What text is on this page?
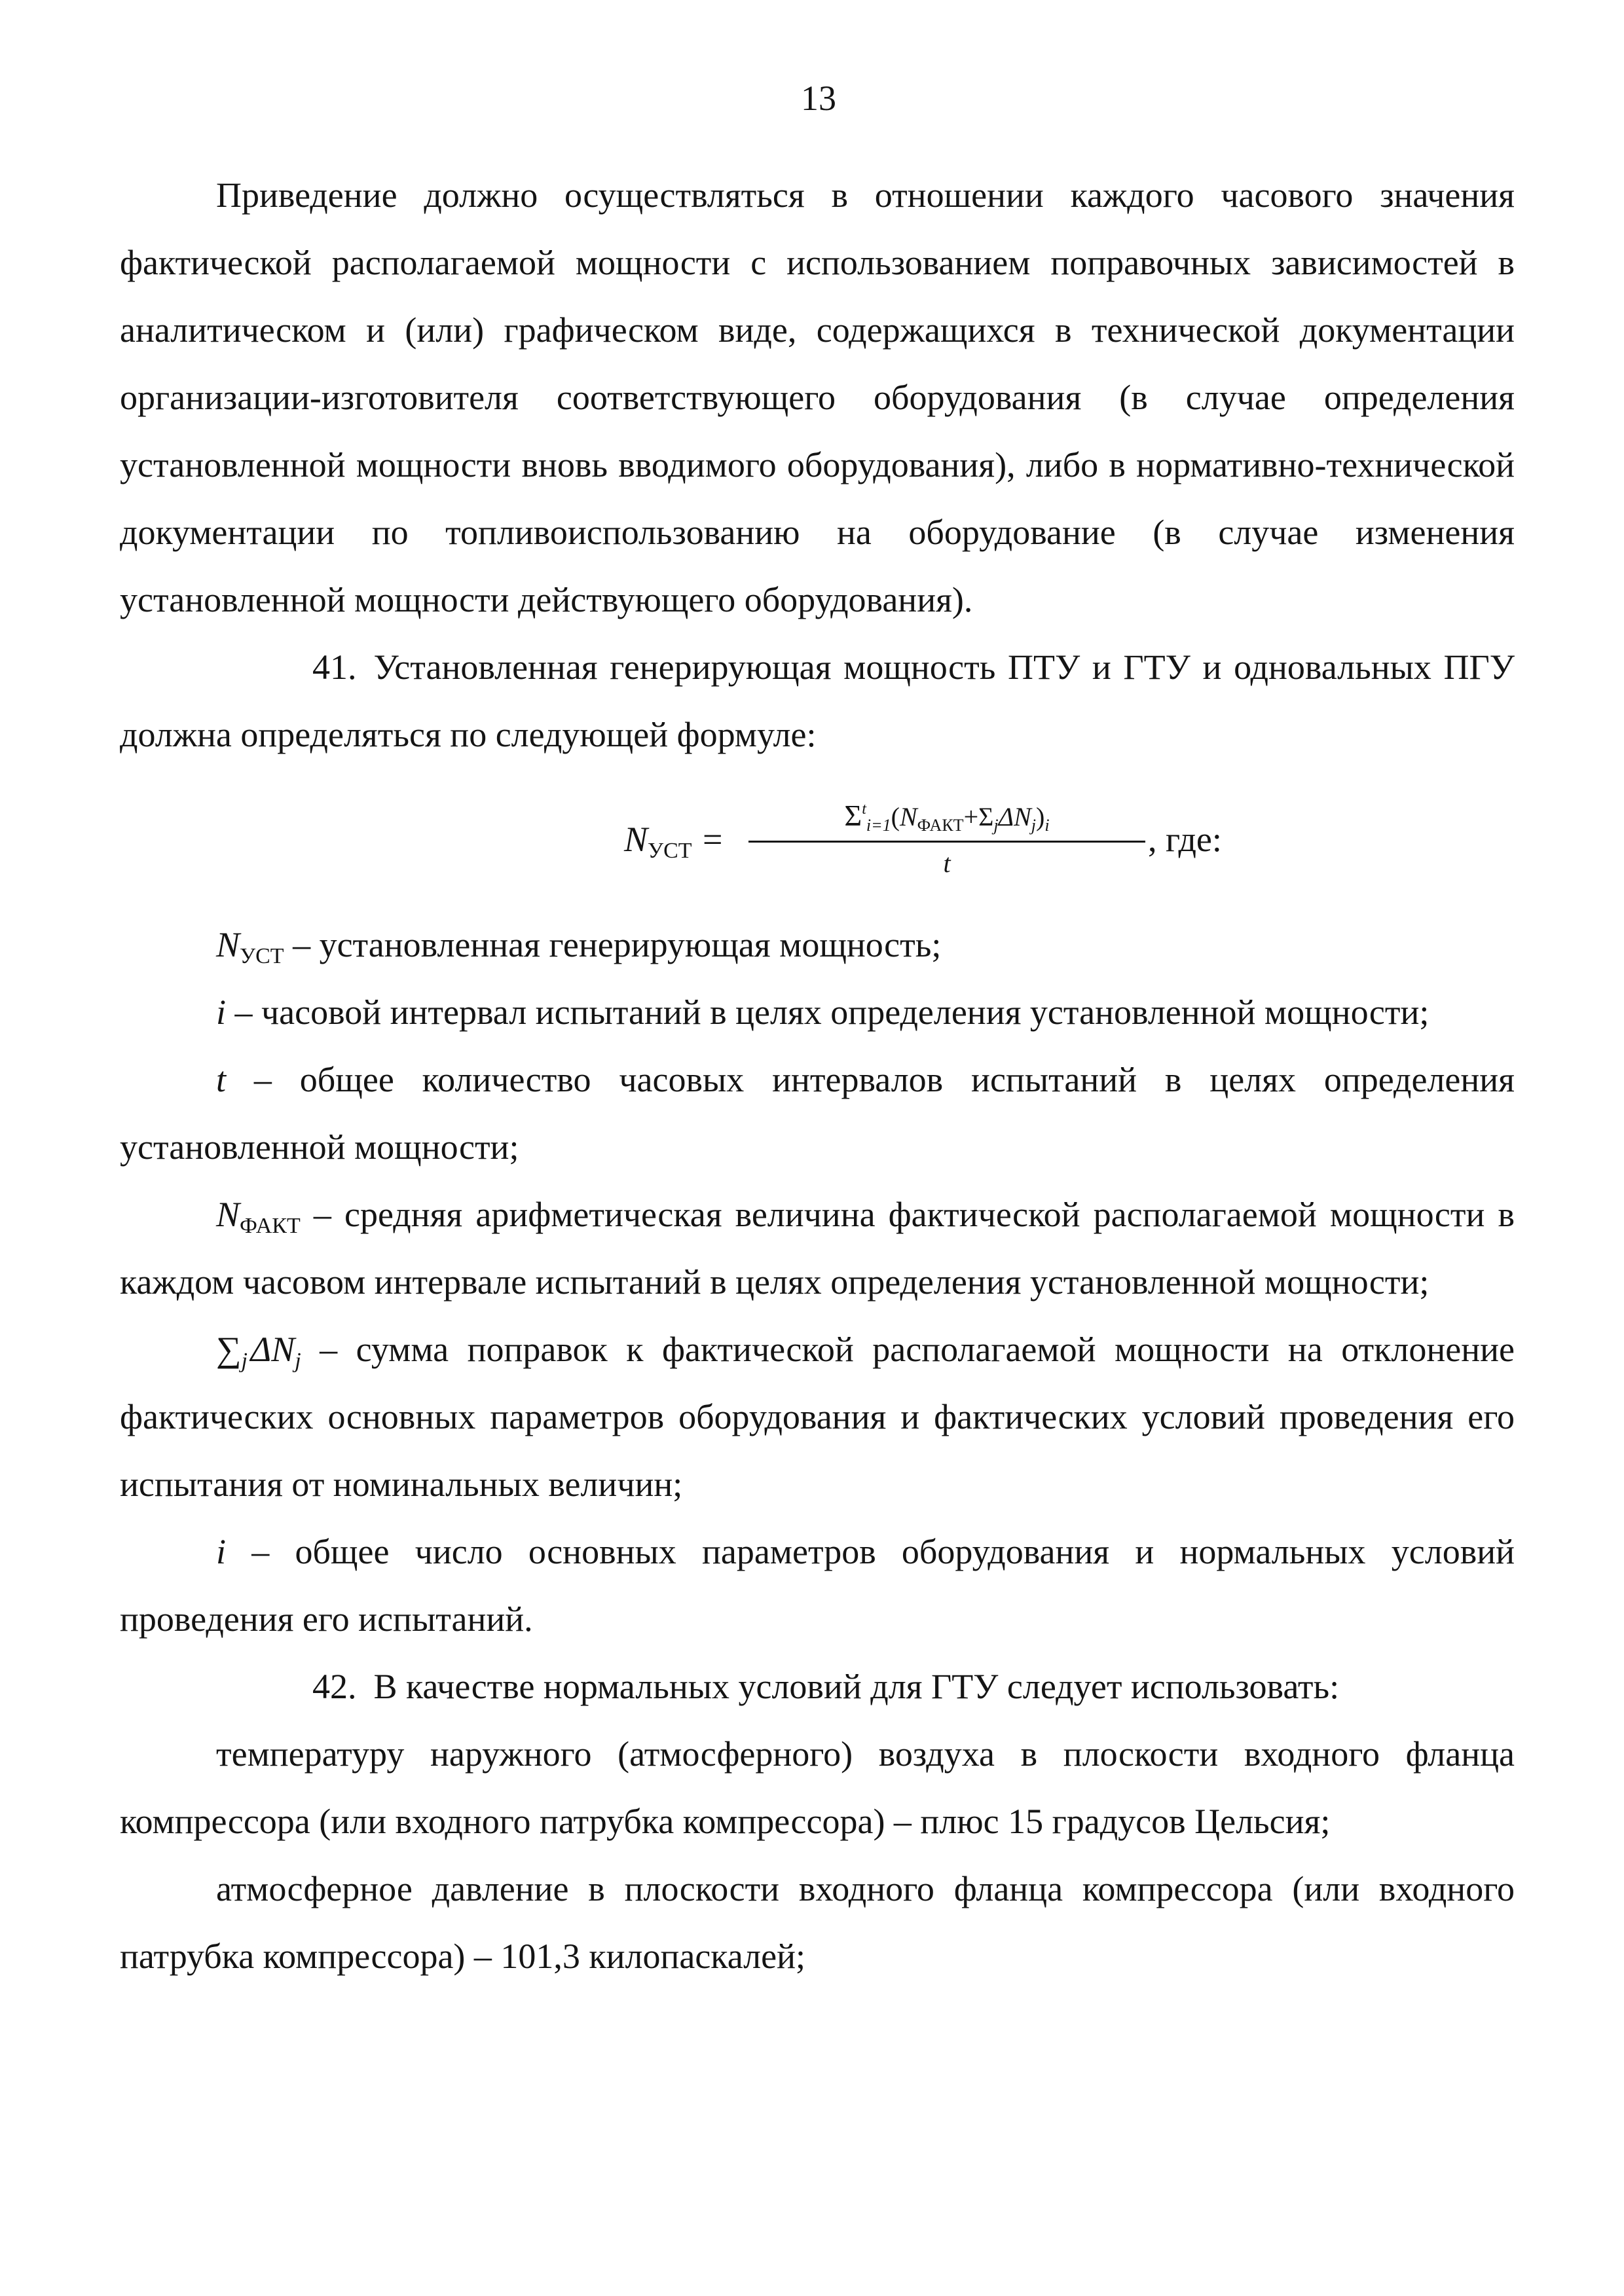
13

Приведение должно осуществляться в отношении каждого часового значения фактической располагаемой мощности с использованием поправочных зависимостей в аналитическом и (или) графическом виде, содержащихся в технической документации организации-изготовителя соответствующего оборудования (в случае определения установленной мощности вновь вводимого оборудования), либо в нормативно-технической документации по топливоиспользованию на оборудование (в случае изменения установленной мощности действующего оборудования).

41. Установленная генерирующая мощность ПТУ и ГТУ и одновальных ПГУ должна определяться по следующей формуле:

$N_{УСТ}$ =
$\Sigma^t_{i=1}(N_{ФАКТ}+\Sigma_j\Delta N_j)_i$
t
, где:

$N_{УСТ}$ – установленная генерирующая мощность;

i – часовой интервал испытаний в целях определения установленной мощности;

t – общее количество часовых интервалов испытаний в целях определения установленной мощности;

$N_{ФАКТ}$ – средняя арифметическая величина фактической располагаемой мощности в каждом часовом интервале испытаний в целях определения установленной мощности;

$\sum_j$ $\Delta N_j$ – сумма поправок к фактической располагаемой мощности на отклонение фактических основных параметров оборудования и фактических условий проведения его испытания от номинальных величин;

i – общее число основных параметров оборудования и нормальных условий проведения его испытаний.

42. В качестве нормальных условий для ГТУ следует использовать:

температуру наружного (атмосферного) воздуха в плоскости входного фланца компрессора (или входного патрубка компрессора) – плюс 15 градусов Цельсия;

атмосферное давление в плоскости входного фланца компрессора (или входного патрубка компрессора) – 101,3 килопаскалей;
